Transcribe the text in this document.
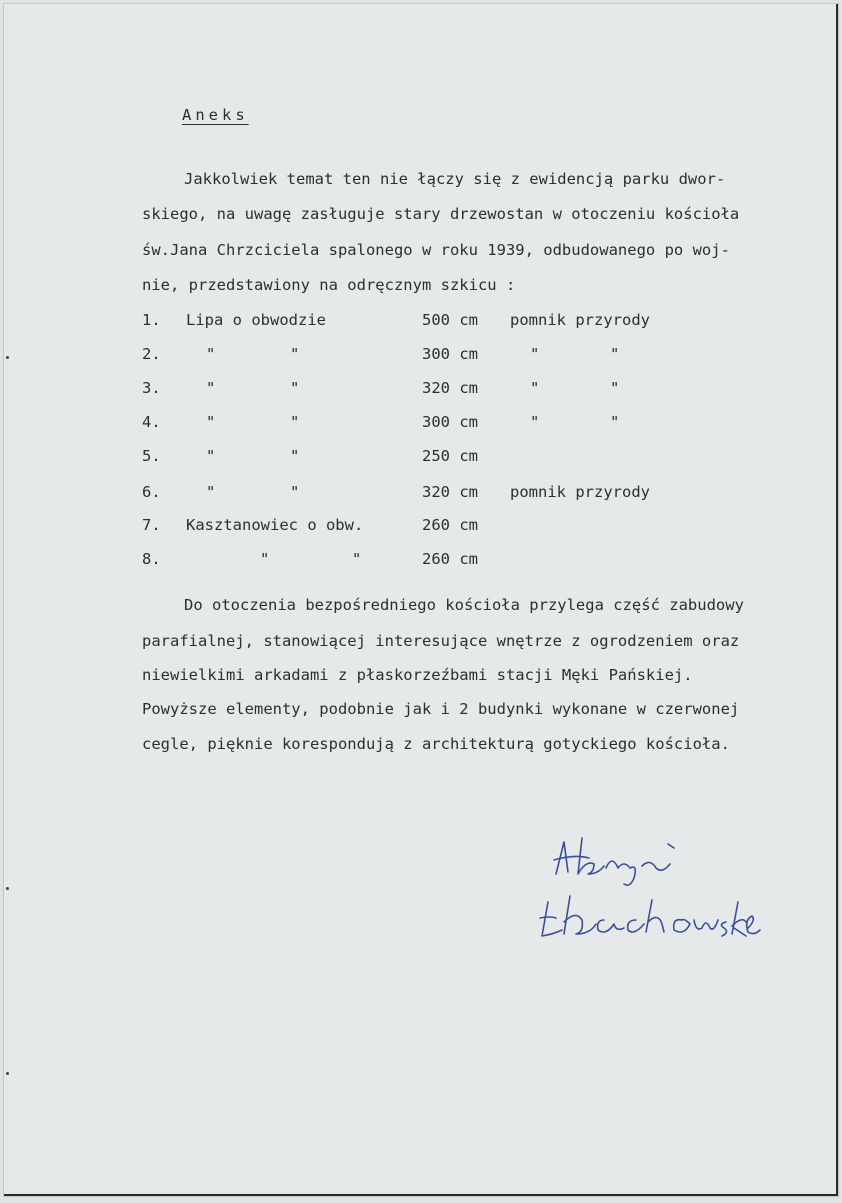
Aneks
Jakkolwiek temat ten nie łączy się z ewidencją parku dwor-
skiego, na uwagę zasługuje stary drzewostan w otoczeniu kościoła
św.Jana Chrzciciela spalonego w roku 1939, odbudowanego po woj-
nie, przedstawiony na odręcznym szkicu :
1. Lipa o obwodzie	500 cm pomnik przyrody
2.	"	"	300 cm	"	"
3.	"	"	320 cm	"	"
4.	"	"	300 cm	"	"
5.	"	"	250 cm
6.	"	"	320 cm pomnik przyrody
7. Kasztanowiec o obw.	260 cm
8.	"	"	260 cm
Do otoczenia bezpośredniego kościoła przylega część zabudowy
parafialnej, stanowiącej interesujące wnętrze z ogrodzeniem oraz
niewielkimi arkadami z płaskorzeźbami stacji Męki Pańskiej.
Powyższe elementy, podobnie jak i 2 budynki wykonane w czerwonej
cegle, pięknie korespondują z architekturą gotyckiego kościoła.
